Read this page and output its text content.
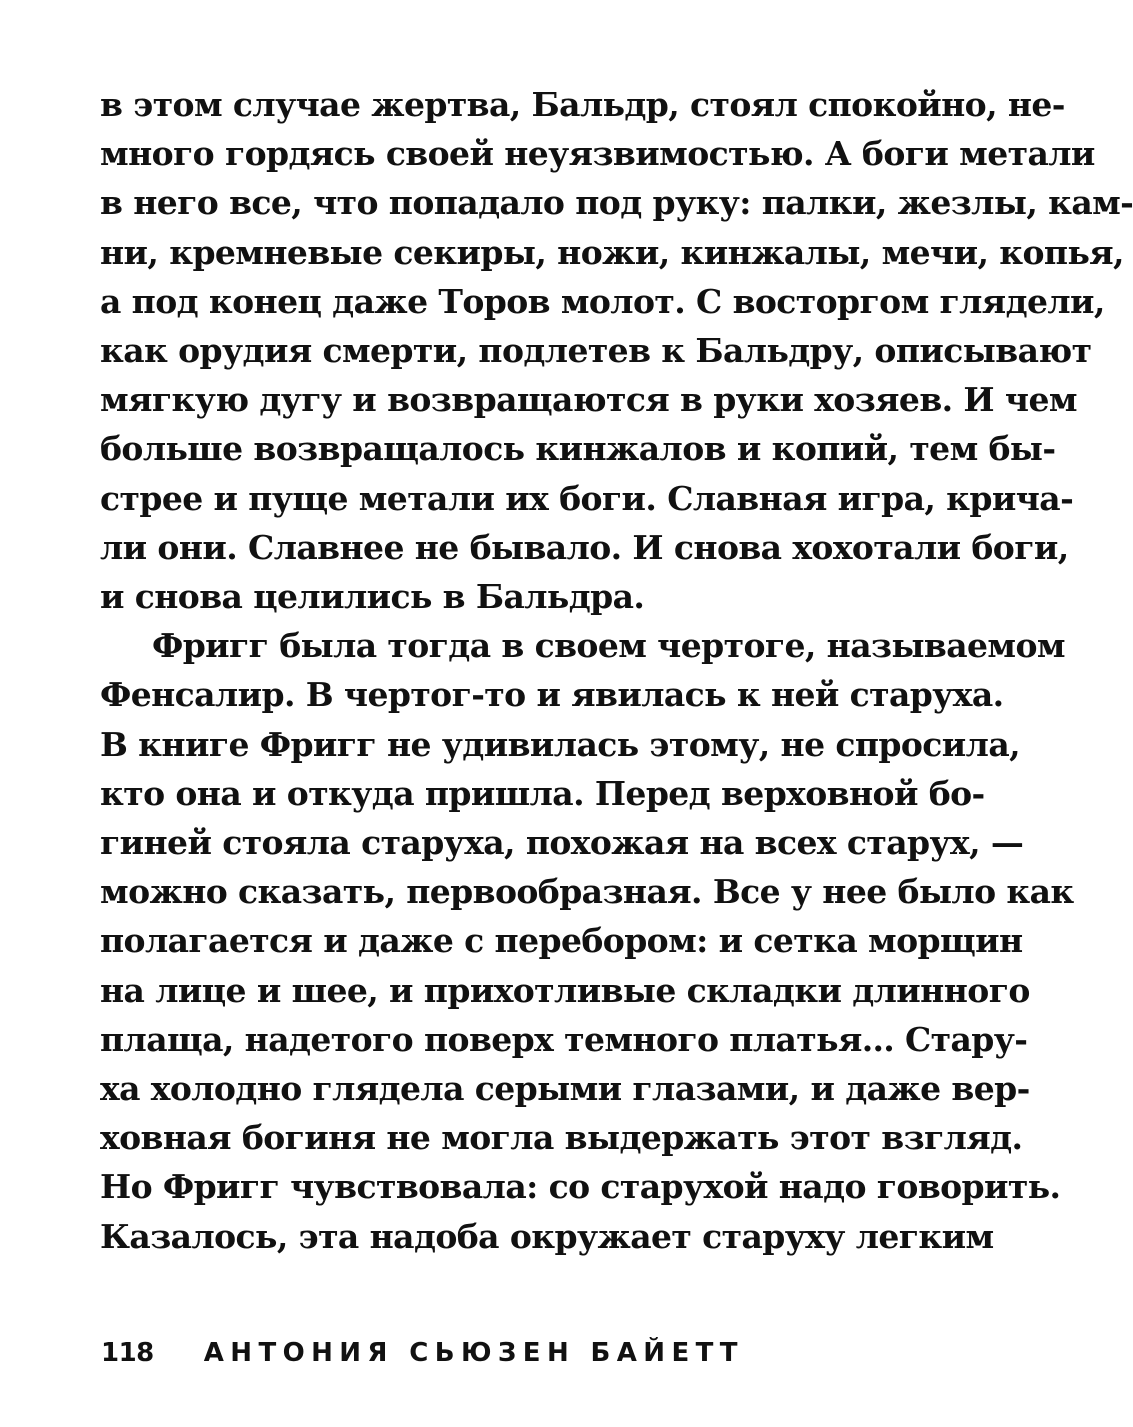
в этом случае жертва, Бальдр, стоял спокойно, не-
много гордясь своей неуязвимостью. А боги метали
в него все, что попадало под руку: палки, жезлы, кам-
ни, кремневые секиры, ножи, кинжалы, мечи, копья,
а под конец даже Торов молот. С восторгом глядели,
как орудия смерти, подлетев к Бальдру, описывают
мягкую дугу и возвращаются в руки хозяев. И чем
больше возвращалось кинжалов и копий, тем бы-
стрее и пуще метали их боги. Славная игра, крича-
ли они. Славнее не бывало. И снова хохотали боги,
и снова целились в Бальдра.

Фригг была тогда в своем чертоге, называемом
Фенсалир. В чертог-то и явилась к ней старуха.
В книге Фригг не удивилась этому, не спросила,
кто она и откуда пришла. Перед верховной бо-
гиней стояла старуха, похожая на всех старух, —
можно сказать, первообразная. Все у нее было как
полагается и даже с перебором: и сетка морщин
на лице и шее, и прихотливые складки длинного
плаща, надетого поверх темного платья… Стару-
ха холодно глядела серыми глазами, и даже вер-
ховная богиня не могла выдержать этот взгляд.
Но Фригг чувствовала: со старухой надо говорить.
Казалось, эта надоба окружает старуху легким

118 АНТОНИЯ СЬЮЗЕН БАЙЕТТ
